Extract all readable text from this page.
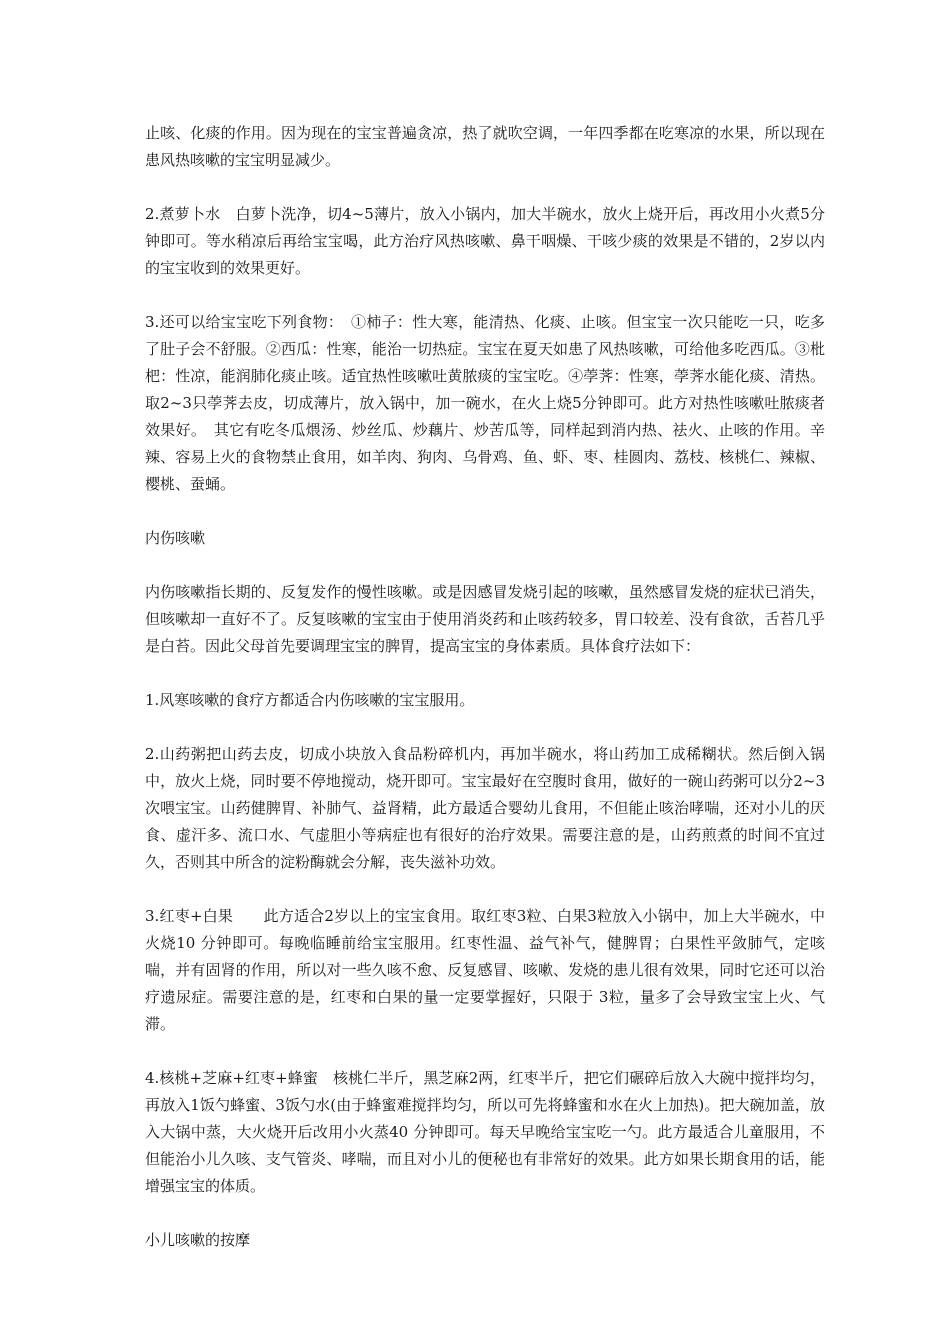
止咳、化痰的作用。因为现在的宝宝普遍贪凉，热了就吹空调，一年四季都在吃寒凉的水果，所以现在患风热咳嗽的宝宝明显减少。

2.煮萝卜水　白萝卜洗净，切4~5薄片，放入小锅内，加大半碗水，放火上烧开后，再改用小火煮5分钟即可。等水稍凉后再给宝宝喝，此方治疗风热咳嗽、鼻干咽燥、干咳少痰的效果是不错的，2岁以内的宝宝收到的效果更好。

3.还可以给宝宝吃下列食物：　①柿子：性大寒，能清热、化痰、止咳。但宝宝一次只能吃一只，吃多了肚子会不舒服。②西瓜：性寒，能治一切热症。宝宝在夏天如患了风热咳嗽，可给他多吃西瓜。③枇杷：性凉，能润肺化痰止咳。适宜热性咳嗽吐黄脓痰的宝宝吃。④荸荠：性寒，荸荠水能化痰、清热。取2~3只荸荠去皮，切成薄片，放入锅中，加一碗水，在火上烧5分钟即可。此方对热性咳嗽吐脓痰者效果好。　其它有吃冬瓜煨汤、炒丝瓜、炒藕片、炒苦瓜等，同样起到消内热、祛火、止咳的作用。辛辣、容易上火的食物禁止食用，如羊肉、狗肉、乌骨鸡、鱼、虾、枣、桂圆肉、荔枝、核桃仁、辣椒、樱桃、蚕蛹。

内伤咳嗽

内伤咳嗽指长期的、反复发作的慢性咳嗽。或是因感冒发烧引起的咳嗽，虽然感冒发烧的症状已消失，但咳嗽却一直好不了。反复咳嗽的宝宝由于使用消炎药和止咳药较多，胃口较差、没有食欲，舌苔几乎是白苔。因此父母首先要调理宝宝的脾胃，提高宝宝的身体素质。具体食疗法如下：

1.风寒咳嗽的食疗方都适合内伤咳嗽的宝宝服用。

2.山药粥把山药去皮，切成小块放入食品粉碎机内，再加半碗水，将山药加工成稀糊状。然后倒入锅中，放火上烧，同时要不停地搅动，烧开即可。宝宝最好在空腹时食用，做好的一碗山药粥可以分2~3 次喂宝宝。山药健脾胃、补肺气、益肾精，此方最适合婴幼儿食用，不但能止咳治哮喘，还对小儿的厌食、虚汗多、流口水、气虚胆小等病症也有很好的治疗效果。需要注意的是，山药煎煮的时间不宜过久，否则其中所含的淀粉酶就会分解，丧失滋补功效。

3.红枣+白果　　此方适合2岁以上的宝宝食用。取红枣3粒、白果3粒放入小锅中，加上大半碗水，中火烧10 分钟即可。每晚临睡前给宝宝服用。红枣性温、益气补气，健脾胃；白果性平敛肺气，定咳喘，并有固肾的作用，所以对一些久咳不愈、反复感冒、咳嗽、发烧的患儿很有效果，同时它还可以治疗遗尿症。需要注意的是，红枣和白果的量一定要掌握好，只限于 3粒，量多了会导致宝宝上火、气滞。

4.核桃+芝麻+红枣+蜂蜜　核桃仁半斤，黑芝麻2两，红枣半斤，把它们碾碎后放入大碗中搅拌均匀，再放入1饭勺蜂蜜、3饭勺水(由于蜂蜜难搅拌均匀，所以可先将蜂蜜和水在火上加热)。把大碗加盖，放入大锅中蒸，大火烧开后改用小火蒸40 分钟即可。每天早晚给宝宝吃一勺。此方最适合儿童服用，不但能治小儿久咳、支气管炎、哮喘，而且对小儿的便秘也有非常好的效果。此方如果长期食用的话，能增强宝宝的体质。

小儿咳嗽的按摩
